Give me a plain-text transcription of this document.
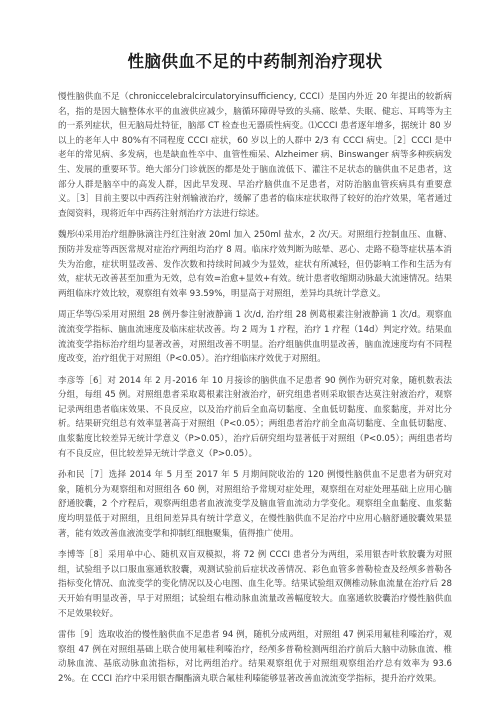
性脑供血不足的中药制剂治疗现状

慢性脑供血不足（chroniccelebralcirculatoryinsufficiency, CCCI）是国内外近 20 年提出的较新病名，指的是因大脑整体水平的血液供应减少，脑循环障碍导致的头痛、眩晕、失眠、健忘、耳鸣等为主的一系列症状，但无脑局灶特征，脑部 CT 检查也无器质性病变。⑴CCCI 患者逐年增多，据统计 80 岁以上的老年人中 80%有不同程度 CCCI 症状，60 岁以上的人群中 2/3 有 CCCI 病史。［2］CCCI 是中老年的常见病、多发病，也是缺血性卒中、血管性痴呆、Alzheimer 病、Binswanger 病等多种疾病发生、发展的重要环节。绝大部分门诊就医的都是处于脑血流低下、灌注不足状态的脑供血不足患者，这部分人群是脑卒中的高发人群，因此早发现、早治疗脑供血不足患者，对防治脑血管疾病具有重要意义。［3］目前主要以中西药注射剂输液治疗，缓解了患者的临床症状取得了较好的治疗效果，笔者通过查阅资料，现将近年中西药注射剂治疗方法进行综述。

魏彤⑷采用治疗组静脉滴注丹红注射液 20ml 加入 250ml 盐水，2 次/天。对照组行控制血压、血糖、预防并发症等西医常规对症治疗两组均治疗 8 周。临床疗效判断为眩晕、恶心、走路不稳等症状基本消失为治愈，症状明显改善、发作次数和持续时间减少为显效，症状有所减轻，但仍影响工作和生活为有效，症状无改善甚至加重为无效，总有效=治愈+显效+有效。统计患者收缩期动脉最大流速情况。结果两组临床疗效比较，观察组有效率 93.59%，明显高于对照组，差异均具统计学意义。

周正华等⑸采用对照组 28 例丹参注射液静滴 1 次/d, 治疗组 28 例葛根素注射液静滴 1 次/d。观察血流流变学指标、脑血流速度及临床症状改善。均 2 周为 1 疗程，治疗 1 疗程（14d）判定疗效。结果血流流变学指标治疗组均显著改善，对照组改善不明显。治疗组脑供血明显改善，脑血流速度均有不同程度改变，治疗组优于对照组（P<0.05）。治疗组临床疗效优于对照组。

李彦等［6］对 2014 年 2 月-2016 年 10 月接诊的脑供血不足患者 90 例作为研究对象，随机数表法分组，每组 45 例。对照组患者采取葛根素注射液治疗，研究组患者则采取银杏达莫注射液治疗，观察记录两组患者临床效果、不良反应，以及治疗前后全血高切黏度、全血低切黏度、血浆黏度，并对比分析。结果研究组总有效率显著高于对照组（P<0.05）；两组患者治疗前全血高切黏度、全血低切黏度、血浆黏度比较差异无统计学意义（P>0.05），治疗后研究组均显著低于对照组（P<0.05）；两组患者均有不良反应，但比较差异无统计学意义（P>0.05）。

孙和民［7］选择 2014 年 5 月至 2017 年 5 月期间院收治的 120 例慢性脑供血不足患者为研究对象，随机分为观察组和对照组各 60 例，对照组给予常规对症处理，观察组在对症处理基础上应用心脑舒通胶囊，2 个疗程后，观察两组患者血液流变学及脑血管血流动力学变化。观察组全血黏度、血浆黏度均明显低于对照组，且组间差异具有统计学意义，在慢性脑供血不足治疗中应用心脑舒通胶囊效果显著，能有效改善血液流变学和抑制红细胞聚集，值得推广使用。

李博等［8］采用单中心、随机双盲双模拟，将 72 例 CCCI 患者分为两组，采用银杏叶软胶囊为对照组，试验组予以口服血塞通软胶囊，观测试验前后症状改善情况、彩色血管多普勒检查及经颅多普勒各指标变化情况、血流变学的变化情况以及心电图、血生化等。结果试验组双侧椎动脉血流量在治疗后 28 天开始有明显改善，早于对照组；试验组右椎动脉血流量改善幅度较大。血塞通软胶囊治疗慢性脑供血不足效果较好。

雷伟［9］选取收治的慢性脑供血不足患者 94 例，随机分成两组，对照组 47 例采用氟桂利嗪治疗，观察组 47 例在对照组基础上联合使用氟桂利嗪治疗，经颅多普勒检测两组治疗前后大脑中动脉血流、椎动脉血流、基底动脉血流指标，对比两组治疗。结果观察组优于对照组观察组治疗总有效率为 93.62%。在 CCCI 治疗中采用银杏酮酯滴丸联合氟桂利嗪能够显著改善血流流变学指标，提升治疗效果。
